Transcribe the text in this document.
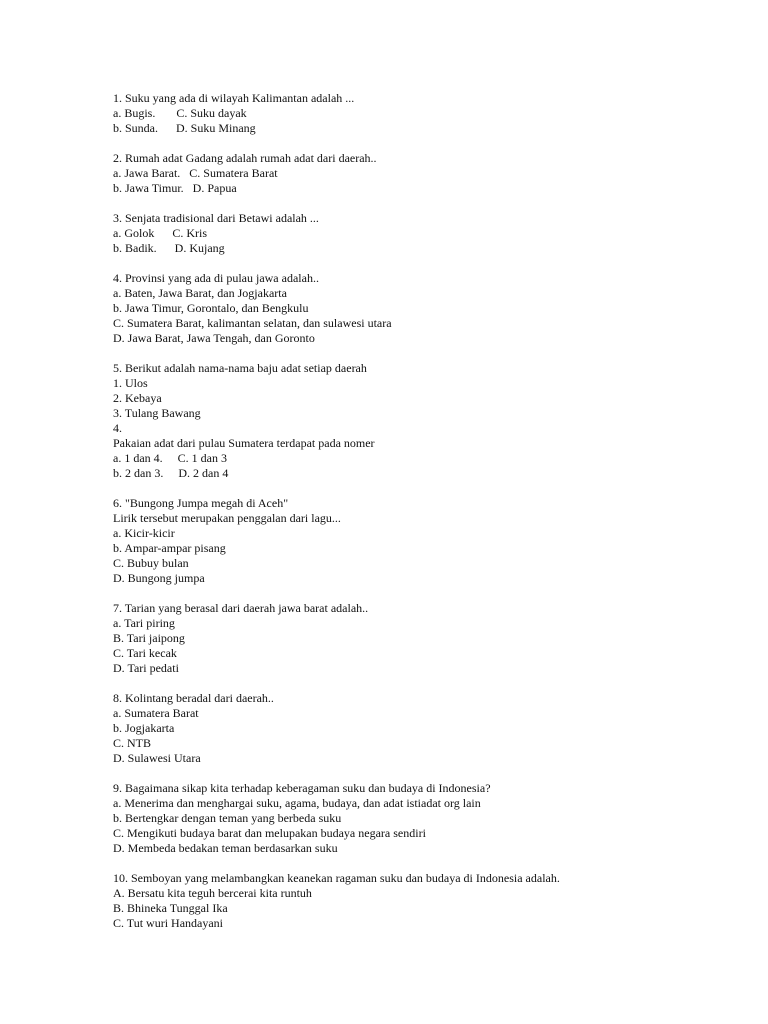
1. Suku yang ada di wilayah Kalimantan adalah ...
a. Bugis.       C. Suku dayak
b. Sunda.      D. Suku Minang
2. Rumah adat Gadang adalah rumah adat dari daerah..
a. Jawa Barat.   C. Sumatera Barat
b. Jawa Timur.   D. Papua
3. Senjata tradisional dari Betawi adalah ...
a. Golok      C. Kris
b. Badik.      D. Kujang
4. Provinsi yang ada di pulau jawa adalah..
a. Baten, Jawa Barat, dan Jogjakarta
b. Jawa Timur, Gorontalo, dan Bengkulu
C. Sumatera Barat, kalimantan selatan, dan sulawesi utara
D. Jawa Barat, Jawa Tengah, dan Goronto
5. Berikut adalah nama-nama baju adat setiap daerah
1. Ulos
2. Kebaya
3. Tulang Bawang
4.
Pakaian adat dari pulau Sumatera terdapat pada nomer
a. 1 dan 4.     C. 1 dan 3
b. 2 dan 3.     D. 2 dan 4
6. "Bungong Jumpa megah di Aceh"
Lirik tersebut merupakan penggalan dari lagu...
a. Kicir-kicir
b. Ampar-ampar pisang
C. Bubuy bulan
D. Bungong jumpa
7. Tarian yang berasal dari daerah jawa barat adalah..
a. Tari piring
B. Tari jaipong
C. Tari kecak
D. Tari pedati
8. Kolintang beradal dari daerah..
a. Sumatera Barat
b. Jogjakarta
C. NTB
D. Sulawesi Utara
9. Bagaimana sikap kita terhadap keberagaman suku dan budaya di Indonesia?
a. Menerima dan menghargai suku, agama, budaya, dan adat istiadat org lain
b. Bertengkar dengan teman yang berbeda suku
C. Mengikuti budaya barat dan melupakan budaya negara sendiri
D. Membeda bedakan teman berdasarkan suku
10. Semboyan yang melambangkan keanekan ragaman suku dan budaya di Indonesia adalah.
A. Bersatu kita teguh bercerai kita runtuh
B. Bhineka Tunggal Ika
C. Tut wuri Handayani
